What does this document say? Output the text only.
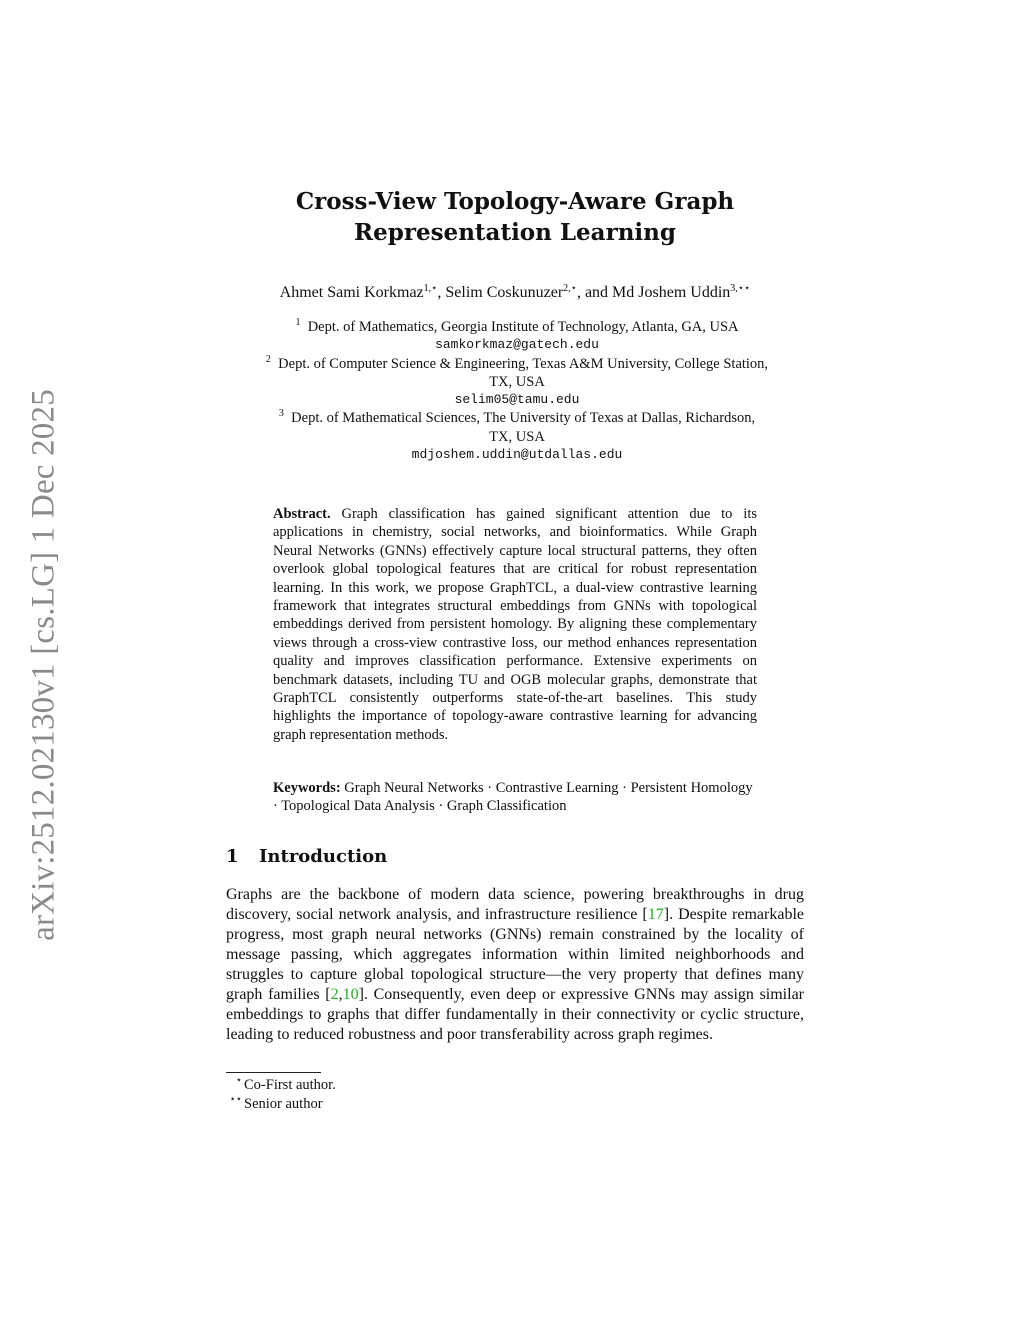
arXiv:2512.02130v1 [cs.LG] 1 Dec 2025
Cross-View Topology-Aware Graph
Representation Learning

Ahmet Sami Korkmaz$^{1,⋆}$, Selim Coskunuzer$^{2,⋆}$, and Md Joshem Uddin$^{3,⋆⋆}$

$^1$ Dept. of Mathematics, Georgia Institute of Technology, Atlanta, GA, USA
samkorkmaz@gatech.edu

$^2$ Dept. of Computer Science & Engineering, Texas A&M University, College Station,
TX, USA
selim05@tamu.edu

$^3$ Dept. of Mathematical Sciences, The University of Texas at Dallas, Richardson,
TX, USA
mdjoshem.uddin@utdallas.edu

Abstract. Graph classification has gained significant attention due to its applications in chemistry, social networks, and bioinformatics. While Graph Neural Networks (GNNs) effectively capture local structural patterns, they often overlook global topological features that are critical for robust representation learning. In this work, we propose GraphTCL, a dual-view contrastive learning framework that integrates structural embeddings from GNNs with topological embeddings derived from persistent homology. By aligning these complementary views through a cross-view contrastive loss, our method enhances representation quality and improves classification performance. Extensive experiments on benchmark datasets, including TU and OGB molecular graphs, demonstrate that GraphTCL consistently outperforms state-of-the-art baselines. This study highlights the importance of topology-aware contrastive learning for advancing graph representation methods.

Keywords: Graph Neural Networks · Contrastive Learning · Persistent Homology · Topological Data Analysis · Graph Classification

1 Introduction

Graphs are the backbone of modern data science, powering breakthroughs in drug discovery, social network analysis, and infrastructure resilience [17]. Despite remarkable progress, most graph neural networks (GNNs) remain constrained by the locality of message passing, which aggregates information within limited neighborhoods and struggles to capture global topological structure—the very property that defines many graph families [2,10]. Consequently, even deep or expressive GNNs may assign similar embeddings to graphs that differ fundamentally in their connectivity or cyclic structure, leading to reduced robustness and poor transferability across graph regimes.

⋆ Co-First author.

⋆⋆ Senior author
